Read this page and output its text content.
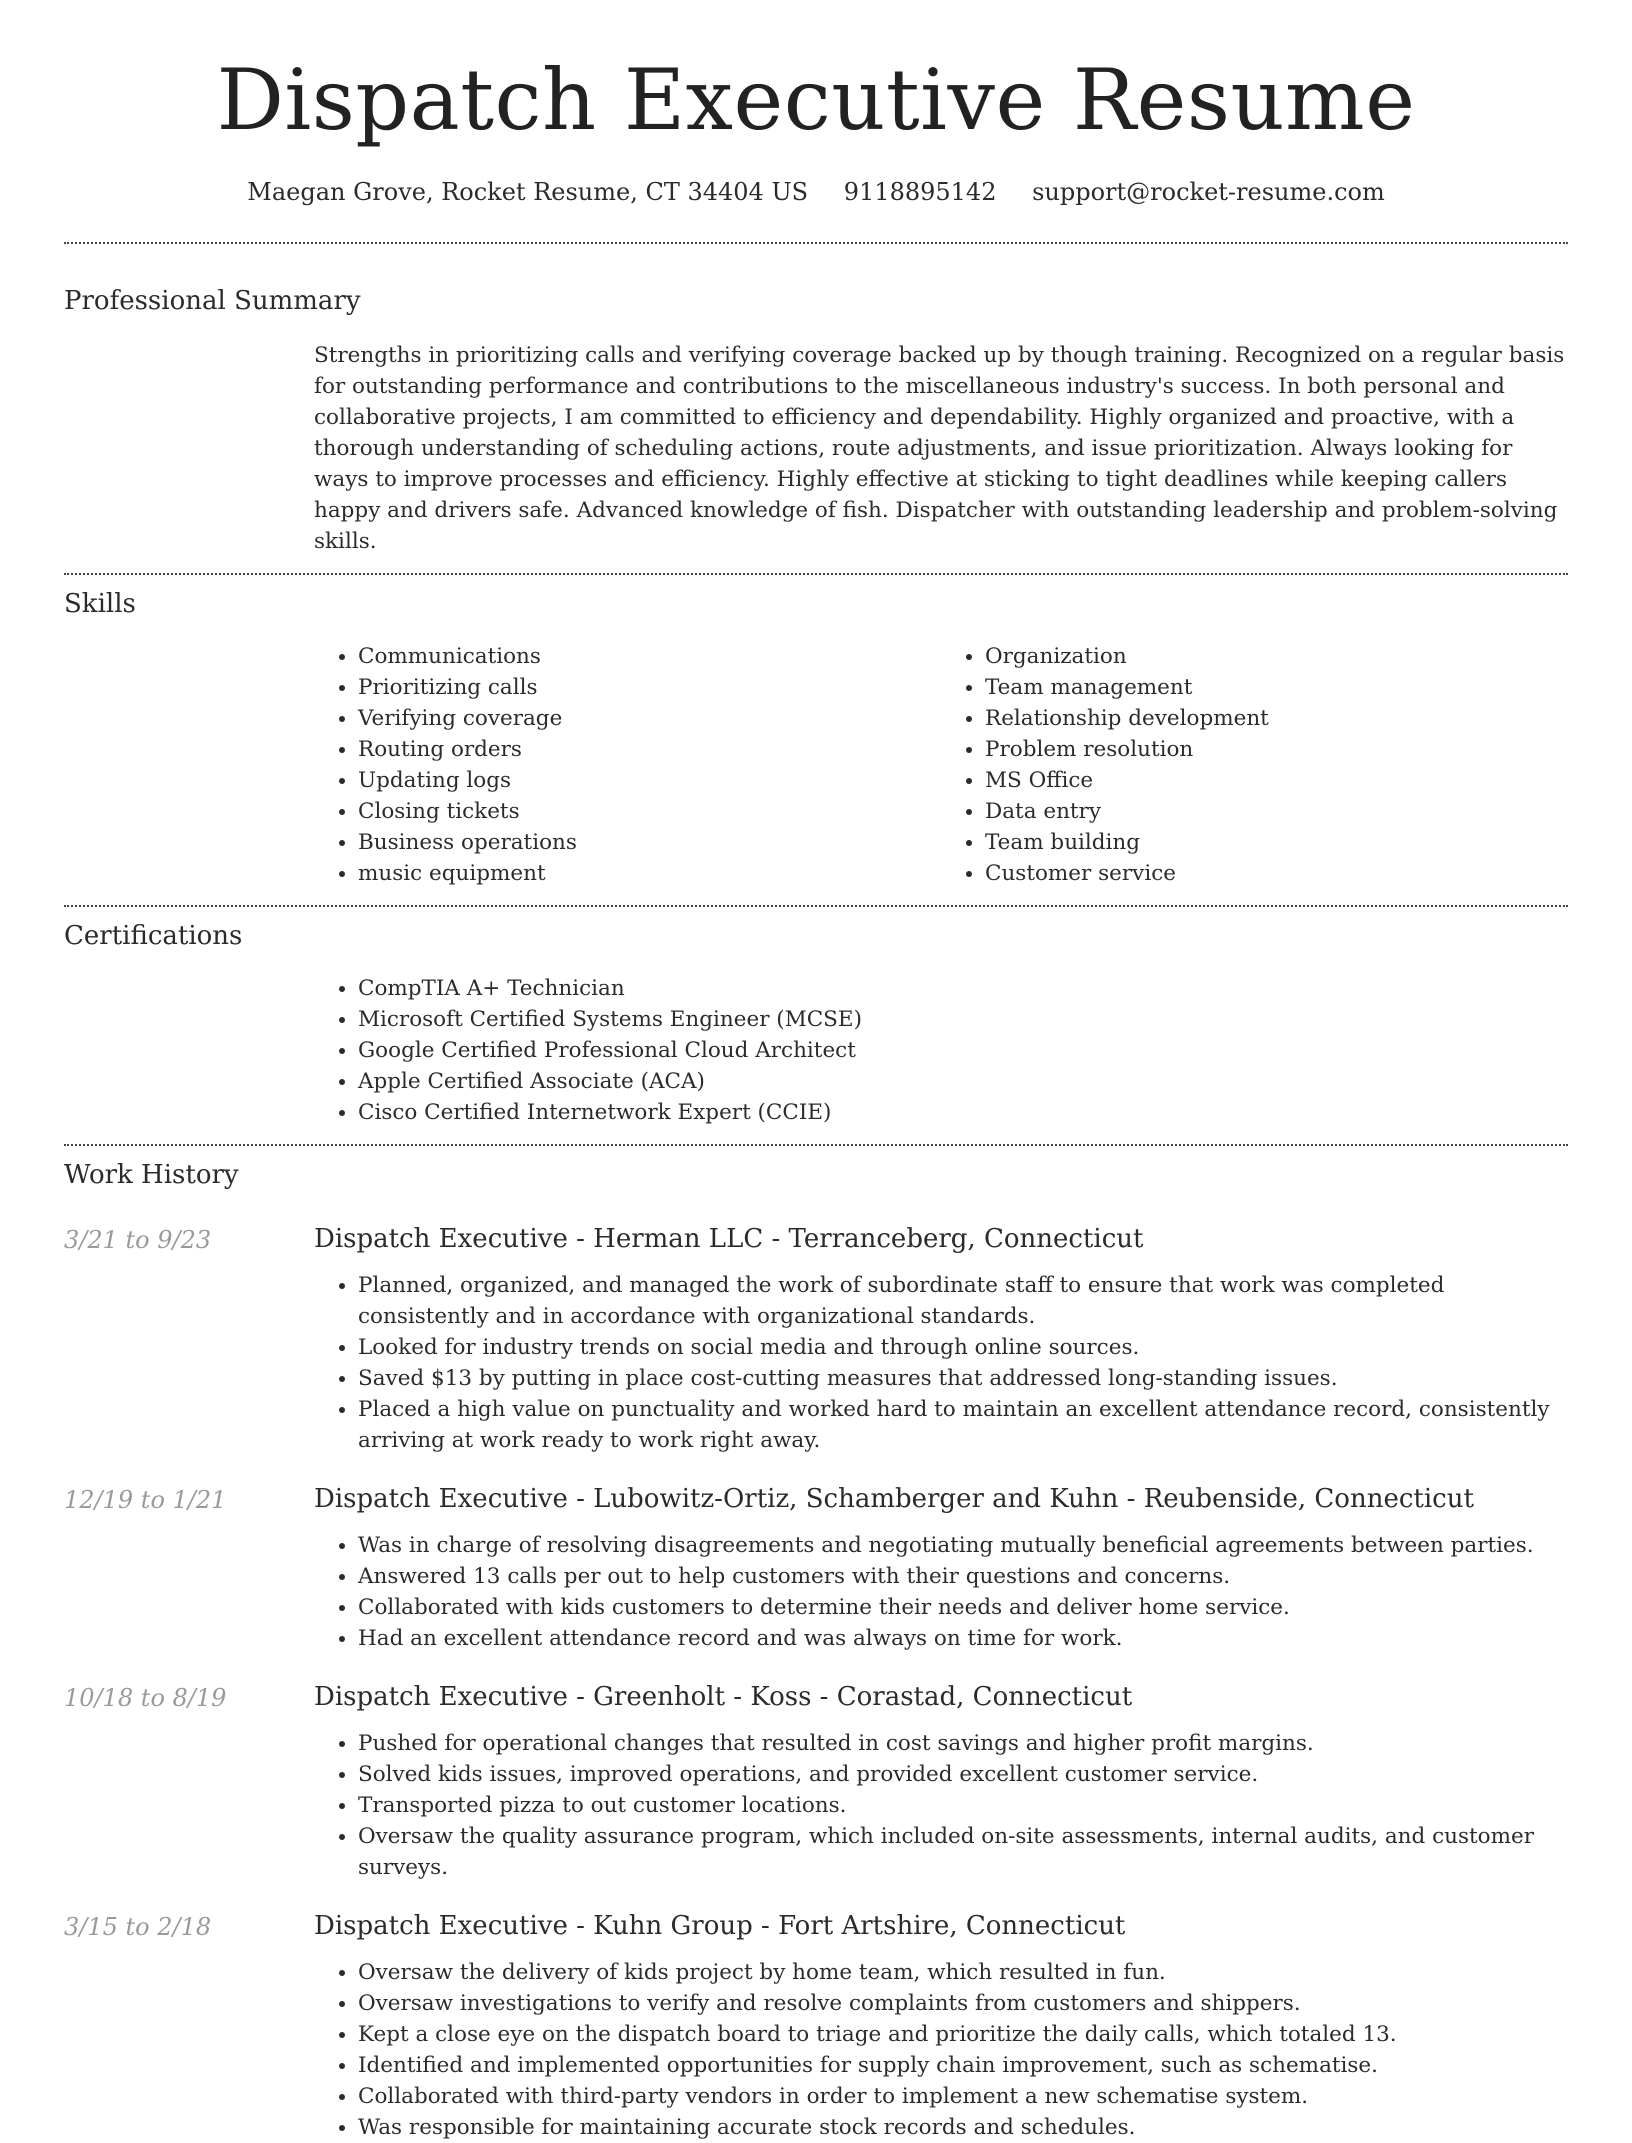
Dispatch Executive Resume
Maegan Grove, Rocket Resume, CT 34404 US 9118895142 support@rocket-resume.com
Professional Summary

Strengths in prioritizing calls and verifying coverage backed up by though training. Recognized on a regular basis for outstanding performance and contributions to the miscellaneous industry's success. In both personal and collaborative projects, I am committed to efficiency and dependability. Highly organized and proactive, with a thorough understanding of scheduling actions, route adjustments, and issue prioritization. Always looking for ways to improve processes and efficiency. Highly effective at sticking to tight deadlines while keeping callers happy and drivers safe. Advanced knowledge of fish. Dispatcher with outstanding leadership and problem-solving skills.

Skills
• Communications
• Prioritizing calls
• Verifying coverage
• Routing orders
• Updating logs
• Closing tickets
• Business operations
• music equipment
• Organization
• Team management
• Relationship development
• Problem resolution
• MS Office
• Data entry
• Team building
• Customer service
Certifications
• CompTIA A+ Technician
• Microsoft Certified Systems Engineer (MCSE)
• Google Certified Professional Cloud Architect
• Apple Certified Associate (ACA)
• Cisco Certified Internetwork Expert (CCIE)
Work History
3/21 to 9/23	Dispatch Executive - Herman LLC - Terranceberg, Connecticut
• Planned, organized, and managed the work of subordinate staff to ensure that work was completed consistently and in accordance with organizational standards.
• Looked for industry trends on social media and through online sources.
• Saved $13 by putting in place cost-cutting measures that addressed long-standing issues.
• Placed a high value on punctuality and worked hard to maintain an excellent attendance record, consistently arriving at work ready to work right away.
12/19 to 1/21	Dispatch Executive - Lubowitz-Ortiz, Schamberger and Kuhn - Reubenside, Connecticut
• Was in charge of resolving disagreements and negotiating mutually beneficial agreements between parties.
• Answered 13 calls per out to help customers with their questions and concerns.
• Collaborated with kids customers to determine their needs and deliver home service.
• Had an excellent attendance record and was always on time for work.
10/18 to 8/19	Dispatch Executive - Greenholt - Koss - Corastad, Connecticut
• Pushed for operational changes that resulted in cost savings and higher profit margins.
• Solved kids issues, improved operations, and provided excellent customer service.
• Transported pizza to out customer locations.
• Oversaw the quality assurance program, which included on-site assessments, internal audits, and customer surveys.
3/15 to 2/18	Dispatch Executive - Kuhn Group - Fort Artshire, Connecticut
• Oversaw the delivery of kids project by home team, which resulted in fun.
• Oversaw investigations to verify and resolve complaints from customers and shippers.
• Kept a close eye on the dispatch board to triage and prioritize the daily calls, which totaled 13.
• Identified and implemented opportunities for supply chain improvement, such as schematise.
• Collaborated with third-party vendors in order to implement a new schematise system.
• Was responsible for maintaining accurate stock records and schedules.
